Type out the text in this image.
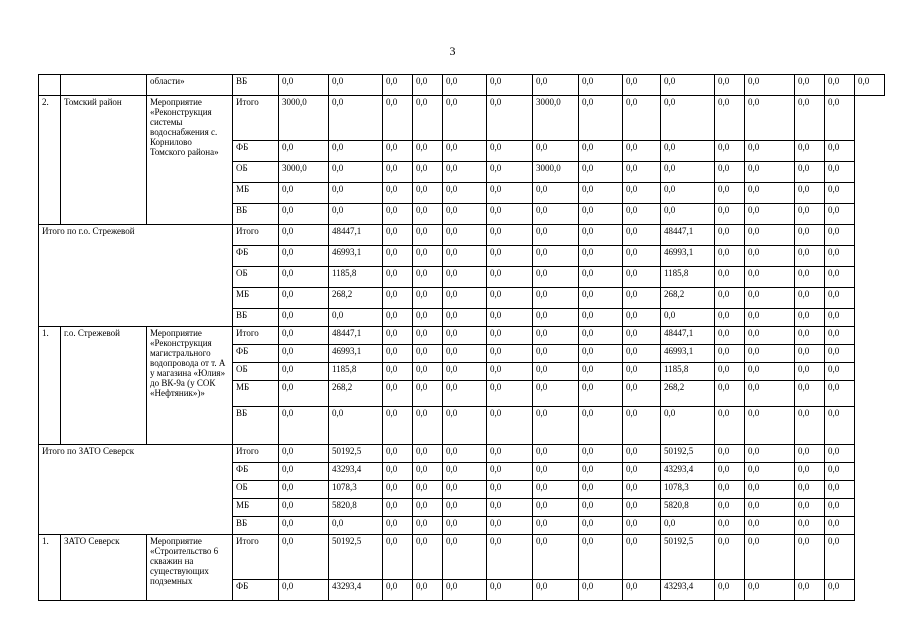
3
		области»	ВБ	0,0	0,0	0,0	0,0	0,0	0,0	0,0	0,0	0,0	0,0	0,0	0,0	0,0	0,0	0,0
2.	Томский район	Мероприятие «Реконструкция системы водоснабжения с. Корнилово Томского района»	Итого	3000,0	0,0	0,0	0,0	0,0	0,0	3000,0	0,0	0,0	0,0	0,0	0,0	0,0	0,0	
			ФБ	0,0	0,0	0,0	0,0	0,0	0,0	0,0	0,0	0,0	0,0	0,0	0,0	0,0	0,0	
			ОБ	3000,0	0,0	0,0	0,0	0,0	0,0	3000,0	0,0	0,0	0,0	0,0	0,0	0,0	0,0	
			МБ	0,0	0,0	0,0	0,0	0,0	0,0	0,0	0,0	0,0	0,0	0,0	0,0	0,0	0,0	
			ВБ	0,0	0,0	0,0	0,0	0,0	0,0	0,0	0,0	0,0	0,0	0,0	0,0	0,0	0,0	
Итого по г.о. Стрежевой			Итого	0,0	48447,1	0,0	0,0	0,0	0,0	0,0	0,0	0,0	48447,1	0,0	0,0	0,0	0,0	
			ФБ	0,0	46993,1	0,0	0,0	0,0	0,0	0,0	0,0	0,0	46993,1	0,0	0,0	0,0	0,0	
			ОБ	0,0	1185,8	0,0	0,0	0,0	0,0	0,0	0,0	0,0	1185,8	0,0	0,0	0,0	0,0	
			МБ	0,0	268,2	0,0	0,0	0,0	0,0	0,0	0,0	0,0	268,2	0,0	0,0	0,0	0,0	
			ВБ	0,0	0,0	0,0	0,0	0,0	0,0	0,0	0,0	0,0	0,0	0,0	0,0	0,0	0,0	
1.	г.о. Стрежевой	Мероприятие «Реконструкция магистрального водопровода от т. А у магазина «Юлия» до ВК-9а (у СОК «Нефтяник»)»	Итого	0,0	48447,1	0,0	0,0	0,0	0,0	0,0	0,0	0,0	48447,1	0,0	0,0	0,0	0,0	
			ФБ	0,0	46993,1	0,0	0,0	0,0	0,0	0,0	0,0	0,0	46993,1	0,0	0,0	0,0	0,0	
			ОБ	0,0	1185,8	0,0	0,0	0,0	0,0	0,0	0,0	0,0	1185,8	0,0	0,0	0,0	0,0	
			МБ	0,0	268,2	0,0	0,0	0,0	0,0	0,0	0,0	0,0	268,2	0,0	0,0	0,0	0,0	
			ВБ	0,0	0,0	0,0	0,0	0,0	0,0	0,0	0,0	0,0	0,0	0,0	0,0	0,0	0,0	
Итого по ЗАТО Северск			Итого	0,0	50192,5	0,0	0,0	0,0	0,0	0,0	0,0	0,0	50192,5	0,0	0,0	0,0	0,0	
			ФБ	0,0	43293,4	0,0	0,0	0,0	0,0	0,0	0,0	0,0	43293,4	0,0	0,0	0,0	0,0	
			ОБ	0,0	1078,3	0,0	0,0	0,0	0,0	0,0	0,0	0,0	1078,3	0,0	0,0	0,0	0,0	
			МБ	0,0	5820,8	0,0	0,0	0,0	0,0	0,0	0,0	0,0	5820,8	0,0	0,0	0,0	0,0	
			ВБ	0,0	0,0	0,0	0,0	0,0	0,0	0,0	0,0	0,0	0,0	0,0	0,0	0,0	0,0	
1.	ЗАТО Северск	Мероприятие «Строительство 6 скважин на существующих подземных	Итого	0,0	50192,5	0,0	0,0	0,0	0,0	0,0	0,0	0,0	50192,5	0,0	0,0	0,0	0,0	
			ФБ	0,0	43293,4	0,0	0,0	0,0	0,0	0,0	0,0	0,0	43293,4	0,0	0,0	0,0	0,0	
